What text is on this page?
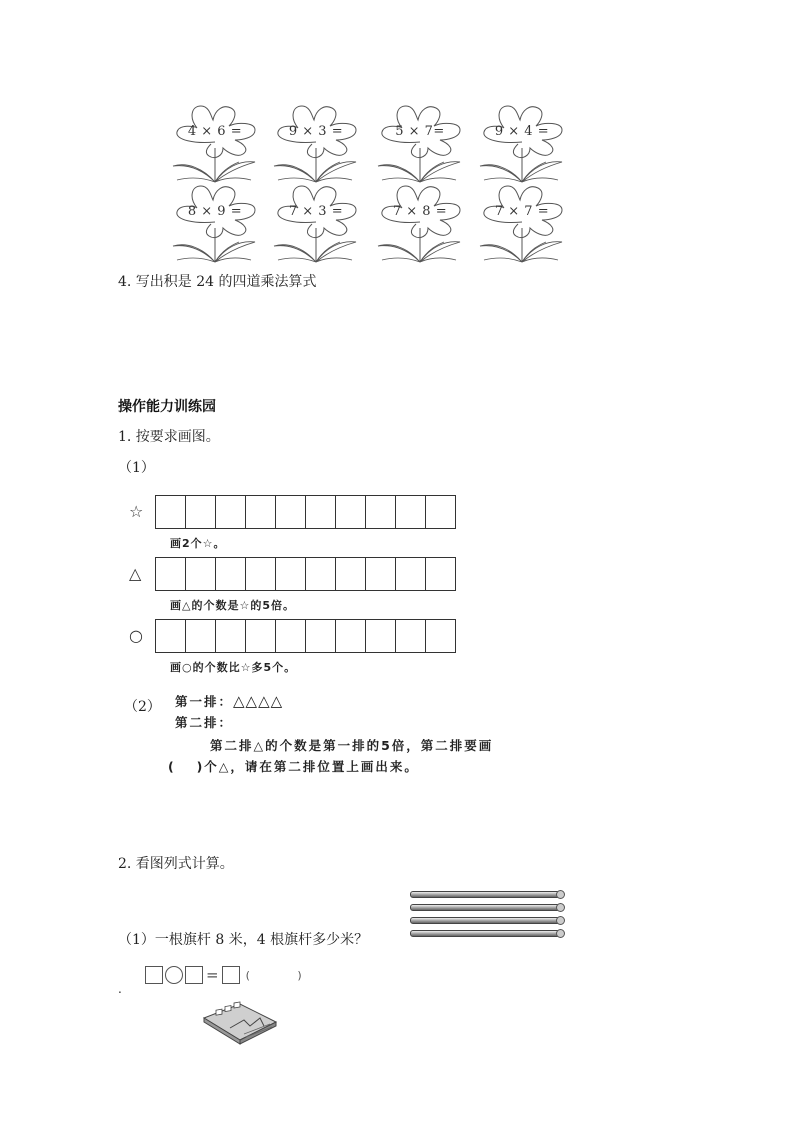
4 × 6 =	9 × 3 =	5 × 7=	9 × 4 =
8 × 9 =	7 × 3 =	7 × 8 =	7 × 7 =
4. 写出积是 24 的四道乘法算式
操作能力训练园
1. 按要求画图。
（1）
☆
画2个☆。
△
画△的个数是☆的5倍。
○
画○的个数比☆多5个。
（2） 第一排：△△△△
第二排：
第二排△的个数是第一排的5倍，第二排要画
(　 )个△，请在第二排位置上画出来。
2. 看图列式计算。
（1）一根旗杆 8 米，4 根旗杆多少米？
= ( )
.
